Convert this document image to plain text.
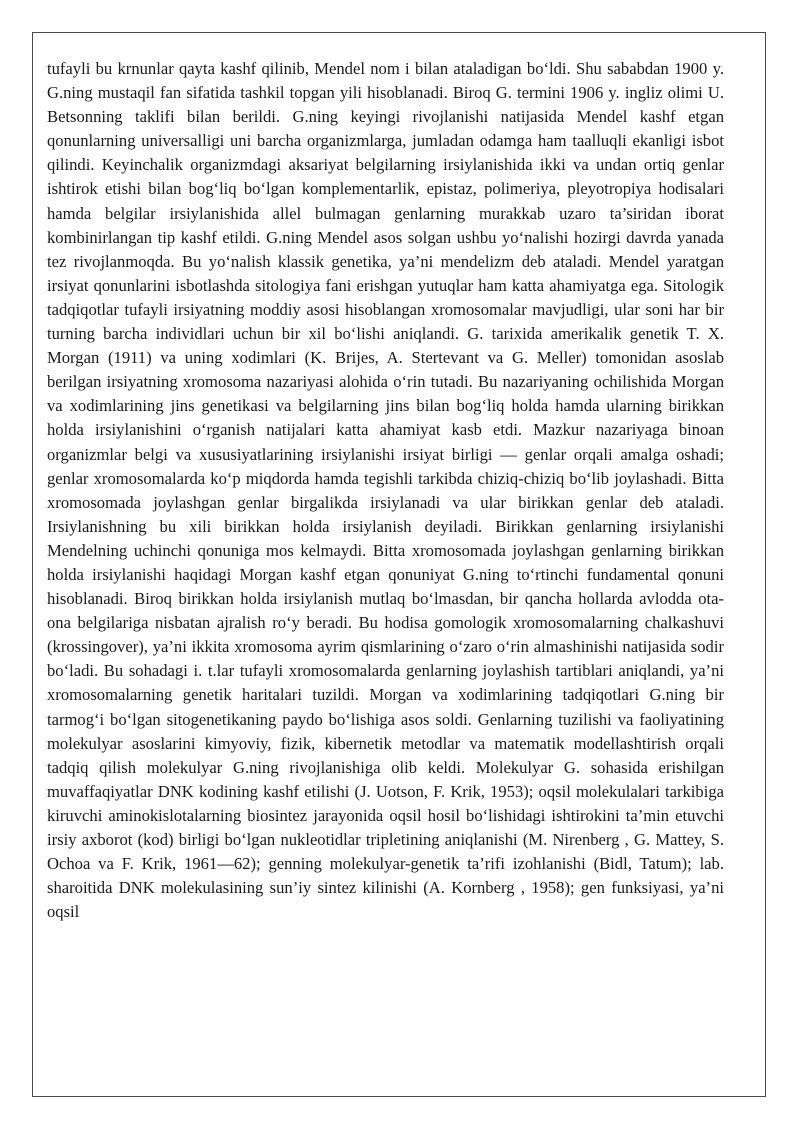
tufayli bu krnunlar qayta kashf qilinib, Mendel nom i bilan ataladigan bo‘ldi. Shu sababdan 1900 y. G.ning mustaqil fan sifatida tashkil topgan yili hisoblanadi. Biroq G. termini 1906 y. ingliz olimi U. Betsonning taklifi bilan berildi. G.ning keyingi rivojlanishi natijasida Mendel kashf etgan qonunlarning universalligi uni barcha organizmlarga, jumladan odamga ham taalluqli ekanligi isbot qilindi. Keyinchalik organizmdagi aksariyat belgilarning irsiylanishida ikki va undan ortiq genlar ishtirok etishi bilan bog‘liq bo‘lgan komplementarlik, epistaz, polimeriya, pleyotropiya hodisalari hamda belgilar irsiylanishida allel bulmagan genlarning murakkab uzaro ta’siridan iborat kombinirlangan tip kashf etildi. G.ning Mendel asos solgan ushbu yo‘nalishi hozirgi davrda yanada tez rivojlanmoqda. Bu yo‘nalish klassik genetika, ya’ni mendelizm deb ataladi. Mendel yaratgan irsiyat qonunlarini isbotlashda sitologiya fani erishgan yutuqlar ham katta ahamiyatga ega. Sitologik tadqiqotlar tufayli irsiyatning moddiy asosi hisoblangan xromosomalar mavjudligi, ular soni har bir turning barcha individlari uchun bir xil bo‘lishi aniqlandi. G. tarixida amerikalik genetik T. X. Morgan (1911) va uning xodimlari (K. Brijes, A. Stertevant va G. Meller) tomonidan asoslab berilgan irsiyatning xromosoma nazariyasi alohida o‘rin tutadi. Bu nazariyaning ochilishida Morgan va xodimlarining jins genetikasi va belgilarning jins bilan bog‘liq holda hamda ularning birikkan holda irsiylanishini o‘rganish natijalari katta ahamiyat kasb etdi. Mazkur nazariyaga binoan organizmlar belgi va xususiyatlarining irsiylanishi irsiyat birligi — genlar orqali amalga oshadi; genlar xromosomalarda ko‘p miqdorda hamda tegishli tarkibda chiziq-chiziq bo‘lib joylashadi. Bitta xromosomada joylashgan genlar birgalikda irsiylanadi va ular birikkan genlar deb ataladi. Irsiylanishning bu xili birikkan holda irsiylanish deyiladi. Birikkan genlarning irsiylanishi Mendelning uchinchi qonuniga mos kelmaydi. Bitta xromosomada joylashgan genlarning birikkan holda irsiylanishi haqidagi Morgan kashf etgan qonuniyat G.ning to‘rtinchi fundamental qonuni hisoblanadi. Biroq birikkan holda irsiylanish mutlaq bo‘lmasdan, bir qancha hollarda avlodda ota-ona belgilariga nisbatan ajralish ro‘y beradi. Bu hodisa gomologik xromosomalarning chalkashuvi (krossingover), ya’ni ikkita xromosoma ayrim qismlarining o‘zaro o‘rin almashinishi natijasida sodir bo‘ladi. Bu sohadagi i. t.lar tufayli xromosomalarda genlarning joylashish tartiblari aniqlandi, ya’ni xromosomalarning genetik haritalari tuzildi. Morgan va xodimlarining tadqiqotlari G.ning bir tarmog‘i bo‘lgan sitogenetikaning paydo bo‘lishiga asos soldi. Genlarning tuzilishi va faoliyatining molekulyar asoslarini kimyoviy, fizik, kibernetik metodlar va matematik modellashtirish orqali tadqiq qilish molekulyar G.ning rivojlanishiga olib keldi. Molekulyar G. sohasida erishilgan muvaffaqiyatlar DNK kodining kashf etilishi (J. Uotson, F. Krik, 1953); oqsil molekulalari tarkibiga kiruvchi aminokislotalarning biosintez jarayonida oqsil hosil bo‘lishidagi ishtirokini ta’min etuvchi irsiy axborot (kod) birligi bo‘lgan nukleotidlar tripletining aniqlanishi (M. Nirenberg , G. Mattey, S. Ochoa va F. Krik, 1961—62); genning molekulyar-genetik ta’rifi izohlanishi (Bidl, Tatum); lab. sharoitida DNK molekulasining sun’iy sintez kilinishi (A. Kornberg , 1958); gen funksiyasi, ya’ni oqsil
